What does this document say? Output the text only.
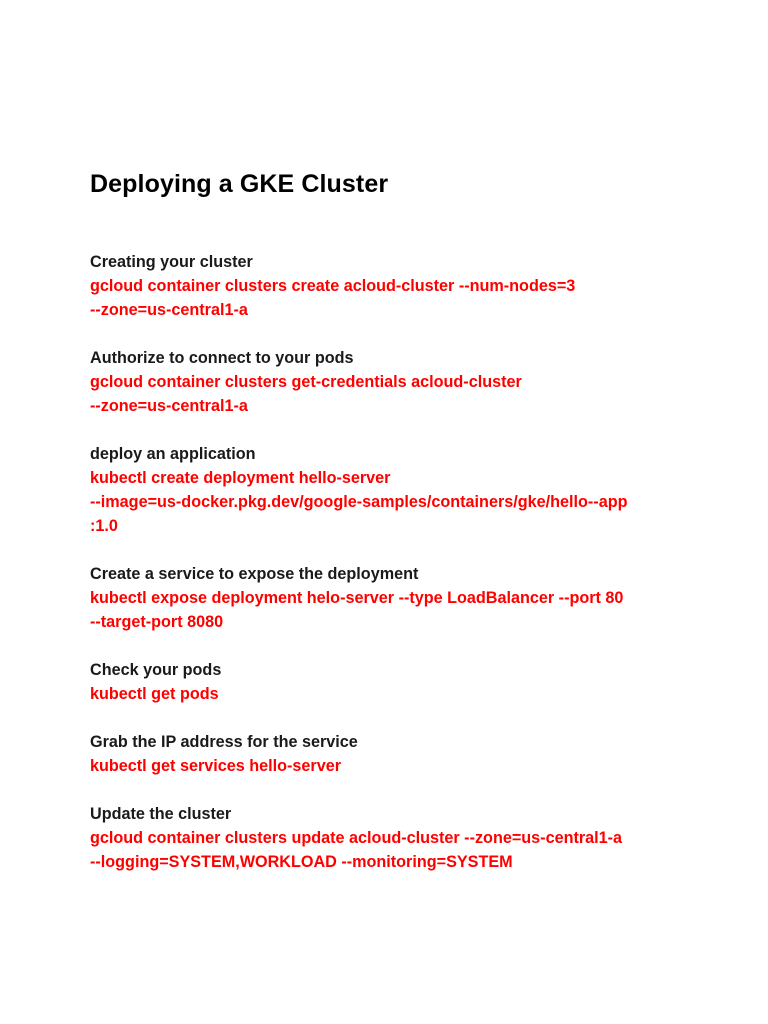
Deploying a GKE Cluster
Creating your cluster
gcloud container clusters create acloud-cluster --num-nodes=3
--zone=us-central1-a
Authorize to connect to your pods
gcloud container clusters get-credentials acloud-cluster
--zone=us-central1-a
deploy an application
kubectl create deployment hello-server
--image=us-docker.pkg.dev/google-samples/containers/gke/hello--app
:1.0
Create a service to expose the deployment
kubectl expose deployment helo-server --type LoadBalancer --port 80
--target-port 8080
Check your pods
kubectl get pods
Grab the IP address for the service
kubectl get services hello-server
Update the cluster
gcloud container clusters update acloud-cluster --zone=us-central1-a
--logging=SYSTEM,WORKLOAD --monitoring=SYSTEM
